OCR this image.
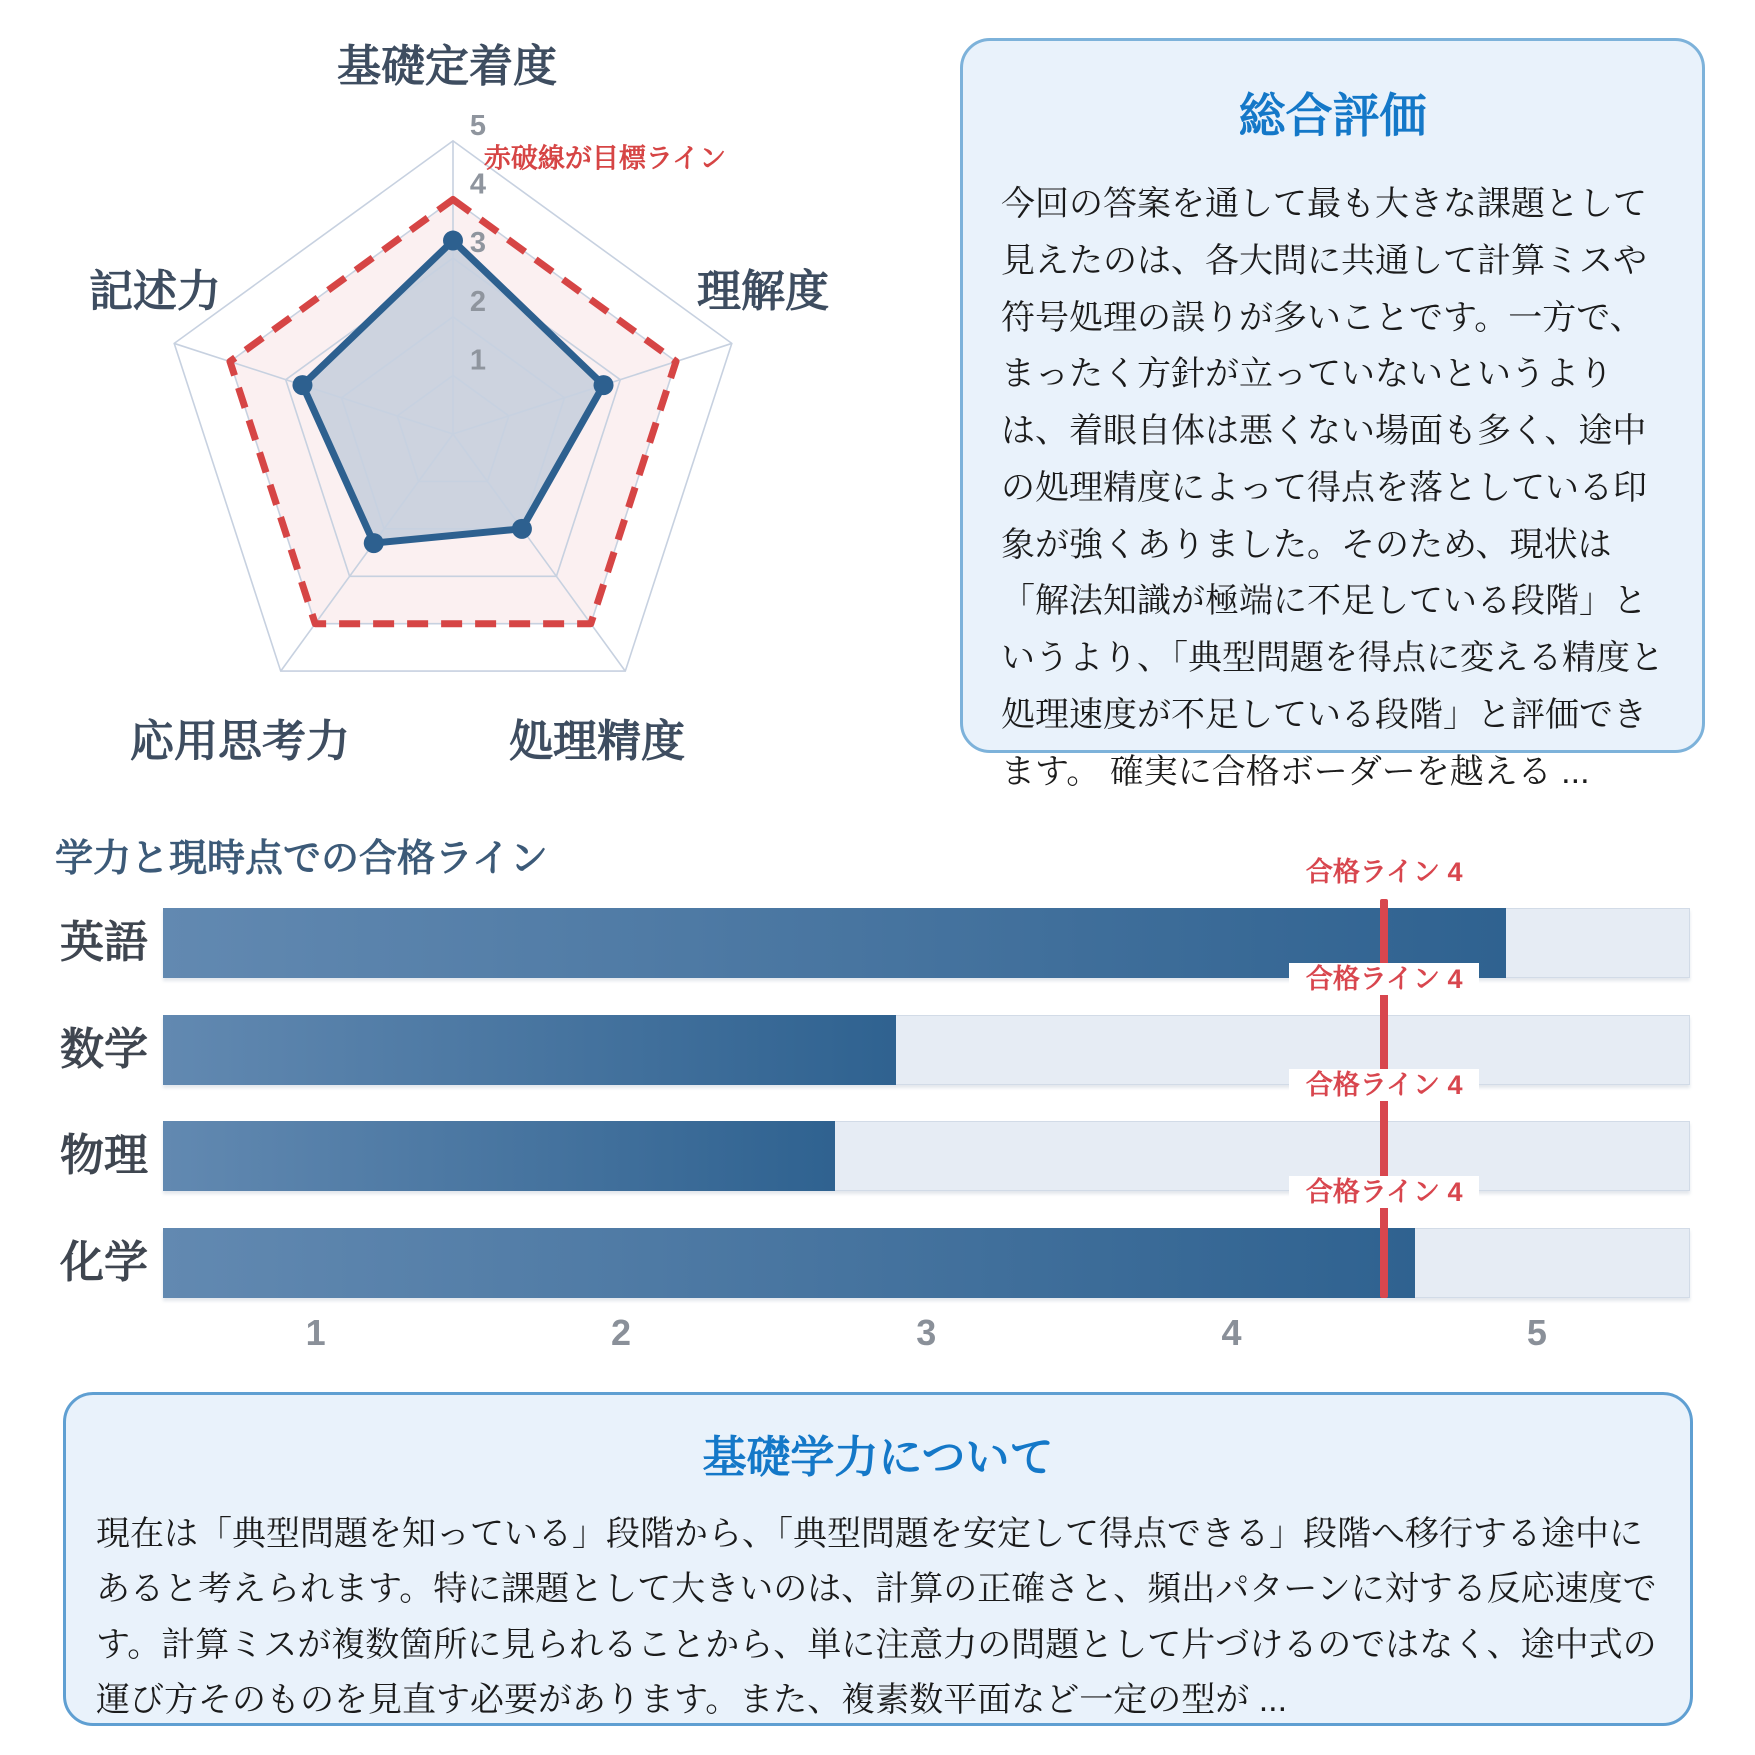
1
2
3
4
5
基礎定着度
理解度
処理精度
応用思考力
記述力
赤破線が目標ライン
総合評価
今回の答案を通して最も大きな課題として見えたのは、各大問に共通して計算ミスや符号処理の誤りが多いことです。一方で、まったく方針が立っていないというよりは、着眼自体は悪くない場面も多く、途中の処理精度によって得点を落としている印象が強くありました。そのため、現状は「解法知識が極端に不足している段階」というより、「典型問題を得点に変える精度と処理速度が不足している段階」と評価できます。 確実に合格ボーダーを越える ...
学力と現時点での合格ライン
英語
数学
物理
化学
1	2	3	4	5
合格ライン 4
合格ライン 4
合格ライン 4
合格ライン 4
基礎学力について
現在は「典型問題を知っている」段階から、「典型問題を安定して得点できる」段階へ移行する途中にあると考えられます。特に課題として大きいのは、計算の正確さと、頻出パターンに対する反応速度です。計算ミスが複数箇所に見られることから、単に注意力の問題として片づけるのではなく、途中式の運び方そのものを見直す必要があります。また、複素数平面など一定の型が ...
